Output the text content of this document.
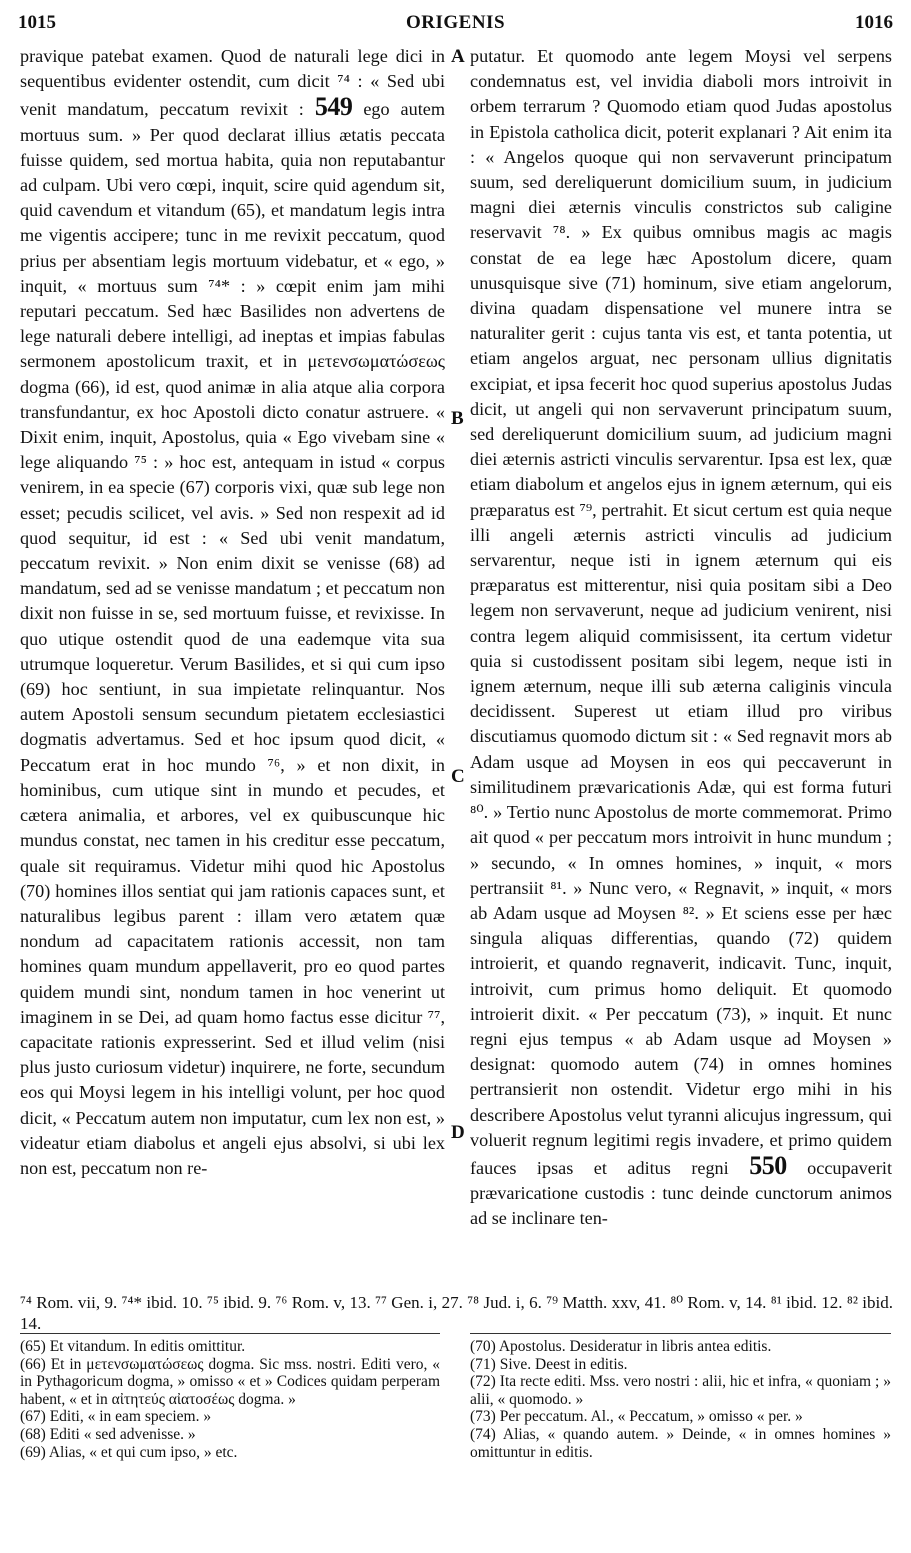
1015	ORIGENIS	1016

pravique patebat examen. Quod de naturali lege dici in sequentibus evidenter ostendit, cum dicit ⁷⁴ : « Sed ubi venit mandatum, peccatum revixit : 549 ego autem mortuus sum. » Per quod declarat illius ætatis peccata fuisse quidem, sed mortua habita, quia non reputabantur ad culpam. Ubi vero cœpi, inquit, scire quid agendum sit, quid cavendum et vitandum (65), et mandatum legis intra me vigentis accipere; tunc in me revixit peccatum, quod prius per absentiam legis mortuum videbatur, et « ego, » inquit, « mortuus sum ⁷⁴* : » cœpit enim jam mihi reputari peccatum. Sed hæc Basilides non advertens de lege naturali debere intelligi, ad ineptas et impias fabulas sermonem apostolicum traxit, et in μετενσωματώσεως dogma (66), id est, quod animæ in alia atque alia corpora transfundantur, ex hoc Apostoli dicto conatur astruere. « Dixit enim, inquit, Apostolus, quia « Ego vivebam sine « lege aliquando ⁷⁵ : » hoc est, antequam in istud « corpus venirem, in ea specie (67) corporis vixi, quæ sub lege non esset; pecudis scilicet, vel avis. » Sed non respexit ad id quod sequitur, id est : « Sed ubi venit mandatum, peccatum revixit. » Non enim dixit se venisse (68) ad mandatum, sed ad se venisse mandatum ; et peccatum non dixit non fuisse in se, sed mortuum fuisse, et revixisse. In quo utique ostendit quod de una eademque vita sua utrumque loqueretur. Verum Basilides, et si qui cum ipso (69) hoc sentiunt, in sua impietate relinquantur. Nos autem Apostoli sensum secundum pietatem ecclesiastici dogmatis advertamus. Sed et hoc ipsum quod dicit, « Peccatum erat in hoc mundo ⁷⁶, » et non dixit, in hominibus, cum utique sint in mundo et pecudes, et cætera animalia, et arbores, vel ex quibuscunque hic mundus constat, nec tamen in his creditur esse peccatum, quale sit requiramus. Videtur mihi quod hic Apostolus (70) homines illos sentiat qui jam rationis capaces sunt, et naturalibus legibus parent : illam vero ætatem quæ nondum ad capacitatem rationis accessit, non tam homines quam mundum appellaverit, pro eo quod partes quidem mundi sint, nondum tamen in hoc venerint ut imaginem in se Dei, ad quam homo factus esse dicitur ⁷⁷, capacitate rationis expresserint. Sed et illud velim (nisi plus justo curiosum videtur) inquirere, ne forte, secundum eos qui Moysi legem in his intelligi volunt, per hoc quod dicit, « Peccatum autem non imputatur, cum lex non est, » videatur etiam diabolus et angeli ejus absolvi, si ubi lex non est, peccatum non re-

A
B
C
D

putatur. Et quomodo ante legem Moysi vel serpens condemnatus est, vel invidia diaboli mors introivit in orbem terrarum ? Quomodo etiam quod Judas apostolus in Epistola catholica dicit, poterit explanari ? Ait enim ita : « Angelos quoque qui non servaverunt principatum suum, sed dereliquerunt domicilium suum, in judicium magni diei æternis vinculis constrictos sub caligine reservavit ⁷⁸. » Ex quibus omnibus magis ac magis constat de ea lege hæc Apostolum dicere, quam unusquisque sive (71) hominum, sive etiam angelorum, divina quadam dispensatione vel munere intra se naturaliter gerit : cujus tanta vis est, et tanta potentia, ut etiam angelos arguat, nec personam ullius dignitatis excipiat, et ipsa fecerit hoc quod superius apostolus Judas dicit, ut angeli qui non servaverunt principatum suum, sed dereliquerunt domicilium suum, ad judicium magni diei æternis astricti vinculis servarentur. Ipsa est lex, quæ etiam diabolum et angelos ejus in ignem æternum, qui eis præparatus est ⁷⁹, pertrahit. Et sicut certum est quia neque illi angeli æternis astricti vinculis ad judicium servarentur, neque isti in ignem æternum qui eis præparatus est mitterentur, nisi quia positam sibi a Deo legem non servaverunt, neque ad judicium venirent, nisi contra legem aliquid commisissent, ita certum videtur quia si custodissent positam sibi legem, neque isti in ignem æternum, neque illi sub æterna caliginis vincula decidissent. Superest ut etiam illud pro viribus discutiamus quomodo dictum sit : « Sed regnavit mors ab Adam usque ad Moysen in eos qui peccaverunt in similitudinem prævaricationis Adæ, qui est forma futuri ⁸⁰. » Tertio nunc Apostolus de morte commemorat. Primo ait quod « per peccatum mors introivit in hunc mundum ; » secundo, « In omnes homines, » inquit, « mors pertransiit ⁸¹. » Nunc vero, « Regnavit, » inquit, « mors ab Adam usque ad Moysen ⁸². » Et sciens esse per hæc singula aliquas differentias, quando (72) quidem introierit, et quando regnaverit, indicavit. Tunc, inquit, introivit, cum primus homo deliquit. Et quomodo introierit dixit. « Per peccatum (73), » inquit. Et nunc regni ejus tempus « ab Adam usque ad Moysen » designat: quomodo autem (74) in omnes homines pertransierit non ostendit. Videtur ergo mihi in his describere Apostolus velut tyranni alicujus ingressum, qui voluerit regnum legitimi regis invadere, et primo quidem fauces ipsas et aditus regni 550 occupaverit prævaricatione custodis : tunc deinde cunctorum animos ad se inclinare ten-

⁷⁴ Rom. vii, 9. ⁷⁴* ibid. 10. ⁷⁵ ibid. 9. ⁷⁶ Rom. v, 13. ⁷⁷ Gen. i, 27. ⁷⁸ Jud. i, 6. ⁷⁹ Matth. xxv, 41. ⁸⁰ Rom. v, 14. ⁸¹ ibid. 12. ⁸² ibid. 14.

(65) Et vitandum. In editis omittitur.

(66) Et in μετενσωματώσεως dogma. Sic mss. nostri. Editi vero, « in Pythagoricum dogma, » omisso « et » Codices quidam perperam habent, « et in αἰτητεύς αἰατοσέως dogma. »

(67) Editi, « in eam speciem. »

(68) Editi « sed advenisse. »

(69) Alias, « et qui cum ipso, » etc.

(70) Apostolus. Desideratur in libris antea editis.

(71) Sive. Deest in editis.

(72) Ita recte editi. Mss. vero nostri : alii, hic et infra, « quoniam ; » alii, « quomodo. »

(73) Per peccatum. Al., « Peccatum, » omisso « per. »

(74) Alias, « quando autem. » Deinde, « in omnes homines » omittuntur in editis.
